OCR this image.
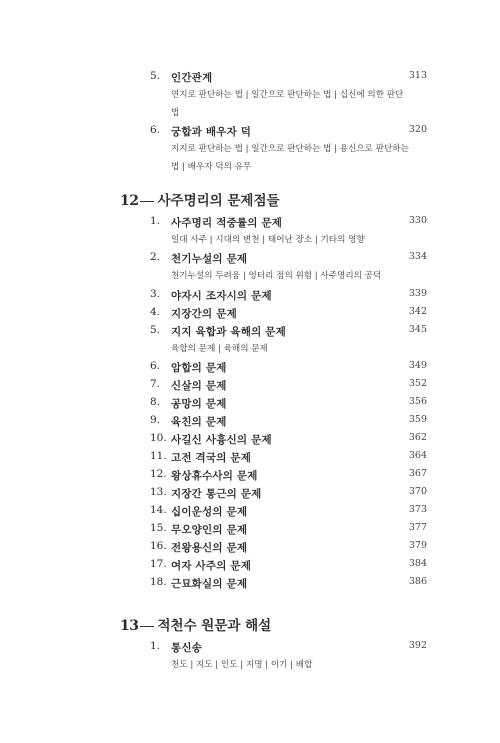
5. 인간관계	313
연지로 판단하는 법 | 일간으로 판단하는 법 | 십신에 의한 판단법
6. 궁합과 배우자 덕	320
지지로 판단하는 법 | 일간으로 판단하는 법 | 용신으로 판단하는 법 | 배우자 덕의 유무
12 사주명리의 문제점들
1. 사주명리 적중률의 문제	330
일대 사주 | 시대의 변천 | 태어난 장소 | 기타의 영향
2. 천기누설의 문제	334
천기누설의 두려움 | 엉터리 점의 위험 | 사주명리의 공덕
3. 야자시 조자시의 문제	339
4. 지장간의 문제	342
5. 지지 육합과 육해의 문제	345
육합의 문제 | 육해의 문제
6. 암합의 문제	349
7. 신살의 문제	352
8. 공망의 문제	356
9. 육친의 문제	359
10. 사길신 사흉신의 문제	362
11. 고전 격국의 문제	364
12. 왕상휴수사의 문제	367
13. 지장간 통근의 문제	370
14. 십이운성의 문제	373
15. 무오양인의 문제	377
16. 전왕용신의 문제	379
17. 여자 사주의 문제	384
18. 근묘화실의 문제	386
13 적천수 원문과 해설
1. 통신송	392
천도 | 지도 | 인도 | 지명 | 이기 | 배합
